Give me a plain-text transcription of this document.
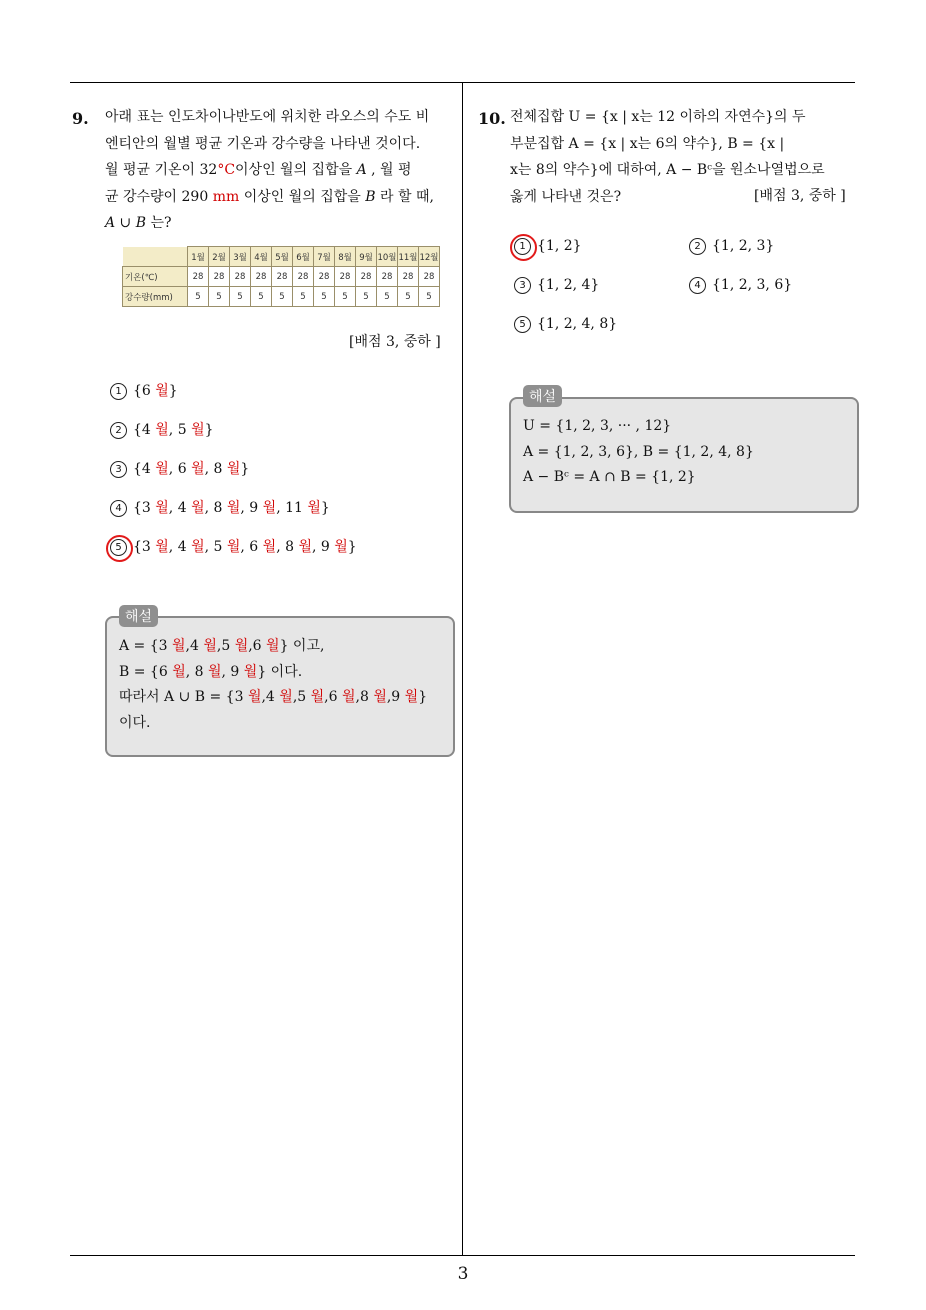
9. 아래 표는 인도차이나반도에 위치한 라오스의 수도 비

엔티안의 월별 평균 기온과 강수량을 나타낸 것이다.

월 평균 기온이 32°C이상인 월의 집합을 A , 월 평

균 강수량이 290 mm 이상인 월의 집합을 B 라 할 때,

A ∪ B 는?

	1월	2월	3월	4월	5월	6월	7월	8월	9월	10월	11월	12월
기온(℃)	28	28	28	28	28	28	28	28	28	28	28	28
강수량(mm)	5	5	5	5	5	5	5	5	5	5	5	5
[배점 3, 중하 ]
1 {6 월}
2 {4 월, 5 월}
3 {4 월, 6 월, 8 월}
4 {3 월, 4 월, 8 월, 9 월, 11 월}
5 {3 월, 4 월, 5 월, 6 월, 8 월, 9 월}
해설
A = {3 월,4 월,5 월,6 월} 이고,
B = {6 월, 8 월, 9 월} 이다.
따라서 A ∪ B = {3 월,4 월,5 월,6 월,8 월,9 월}
이다.
10. 전체집합 U = {x | x는 12 이하의 자연수}의 두

부분집합 A = {x | x는 6의 약수}, B = {x |

x는 8의 약수}에 대하여, A − Bᶜ을 원소나열법으로

옳게 나타낸 것은?	[배점 3, 중하 ]
1 {1, 2}	2 {1, 2, 3}
3 {1, 2, 4}	4 {1, 2, 3, 6}
5 {1, 2, 4, 8}
해설
U = {1, 2, 3, ··· , 12}
A = {1, 2, 3, 6}, B = {1, 2, 4, 8}
A − Bᶜ = A ∩ B = {1, 2}
3
